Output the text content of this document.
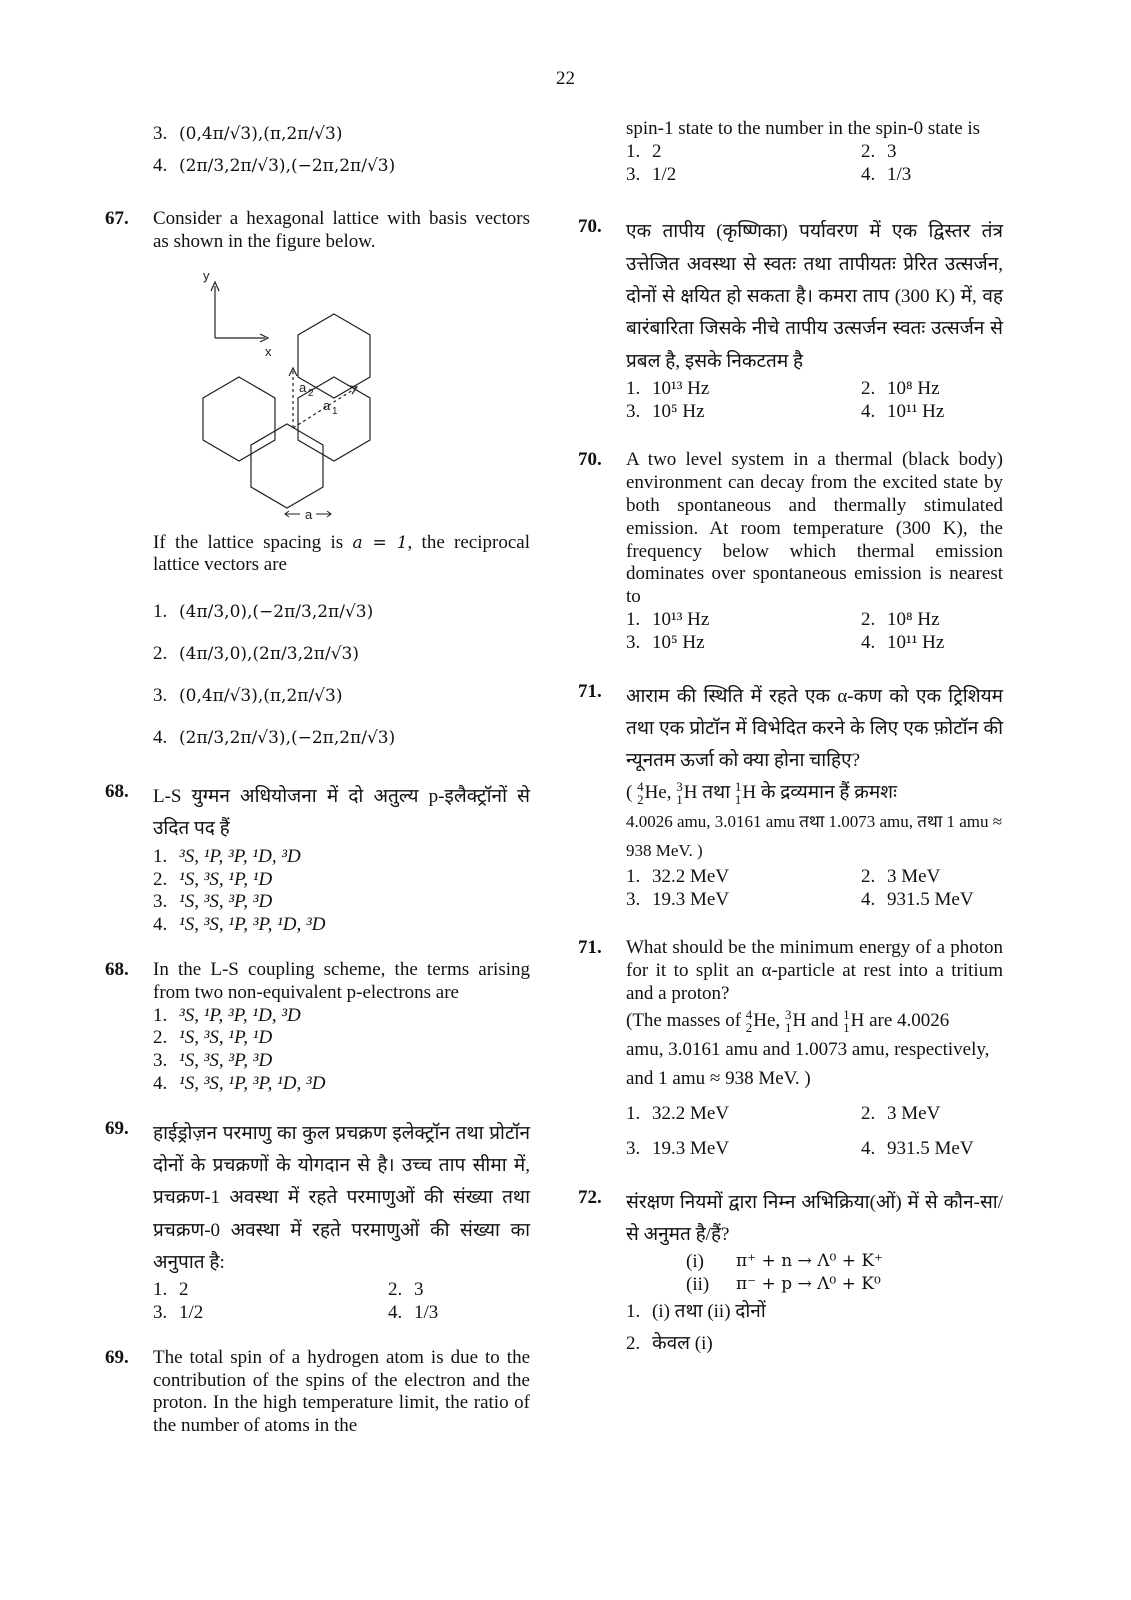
22
3. (0,4π/√3),(π,2π/√3)
4. (2π/3,2π/√3),(−2π,2π/√3)
67. Consider a hexagonal lattice with basis vectors as shown in the figure below.
y
x
a 2
a 1
a
If the lattice spacing is a = 1, the reciprocal lattice vectors are
1. (4π/3,0),(−2π/3,2π/√3)
2. (4π/3,0),(2π/3,2π/√3)
3. (0,4π/√3),(π,2π/√3)
4. (2π/3,2π/√3),(−2π,2π/√3)
68. L-S युग्मन अधियोजना में दो अतुल्य p-इलैक्ट्रॉनों से उदित पद हैं
1. ³S, ¹P, ³P, ¹D, ³D
2. ¹S, ³S, ¹P, ¹D
3. ¹S, ³S, ³P, ³D
4. ¹S, ³S, ¹P, ³P, ¹D, ³D
68. In the L-S coupling scheme, the terms arising from two non-equivalent p-electrons are
1. ³S, ¹P, ³P, ¹D, ³D
2. ¹S, ³S, ¹P, ¹D
3. ¹S, ³S, ³P, ³D
4. ¹S, ³S, ¹P, ³P, ¹D, ³D
69. हाईड्रोज़न परमाणु का कुल प्रचक्रण इलेक्ट्रॉन तथा प्रोटॉन दोनों के प्रचक्रणों के योगदान से है। उच्च ताप सीमा में, प्रचक्रण-1 अवस्था में रहते परमाणुओं की संख्या तथा प्रचक्रण-0 अवस्था में रहते परमाणुओं की संख्या का अनुपात है:
1. 2	2. 3
3. 1/2	4. 1/3
69. The total spin of a hydrogen atom is due to the contribution of the spins of the electron and the proton. In the high temperature limit, the ratio of the number of atoms in the
spin-1 state to the number in the spin-0 state is
1. 2	2. 3
3. 1/2	4. 1/3
70. एक तापीय (कृष्णिका) पर्यावरण में एक द्विस्तर तंत्र उत्तेजित अवस्था से स्वतः तथा तापीयतः प्रेरित उत्सर्जन, दोनों से क्षयित हो सकता है। कमरा ताप (300 K) में, वह बारंबारिता जिसके नीचे तापीय उत्सर्जन स्वतः उत्सर्जन से प्रबल है, इसके निकटतम है
1. 10¹³ Hz	2. 10⁸ Hz
3. 10⁵ Hz	4. 10¹¹ Hz
70. A two level system in a thermal (black body) environment can decay from the excited state by both spontaneous and thermally stimulated emission. At room temperature (300 K), the frequency below which thermal emission dominates over spontaneous emission is nearest to
1. 10¹³ Hz	2. 10⁸ Hz
3. 10⁵ Hz	4. 10¹¹ Hz
71. आराम की स्थिति में रहते एक α-कण को एक ट्रिशियम तथा एक प्रोटॉन में विभेदित करने के लिए एक फ़ोटॉन की न्यूनतम ऊर्जा को क्या होना चाहिए?
( 4
2 He, 3
1 H तथा 1
1 H के द्रव्यमान हैं क्रमशः
4.0026 amu, 3.0161 amu तथा 1.0073 amu, तथा 1 amu ≈ 938 MeV. )
1. 32.2 MeV	2. 3 MeV
3. 19.3 MeV	4. 931.5 MeV
71. What should be the minimum energy of a photon for it to split an α-particle at rest into a tritium and a proton?
(The masses of 4
2 He, 3
1 H and 1
1 H are 4.0026
amu, 3.0161 amu and 1.0073 amu, respectively, and 1 amu ≈ 938 MeV. )
1. 32.2 MeV	2. 3 MeV
3. 19.3 MeV	4. 931.5 MeV
72. संरक्षण नियमों द्वारा निम्न अभिक्रिया(ओं) में से कौन-सा/से अनुमत है/हैं?
(i)	π⁺ + n → Λ⁰ + K⁺
(ii)	π⁻ + p → Λ⁰ + K⁰
1. (i) तथा (ii) दोनों
2. केवल (i)
